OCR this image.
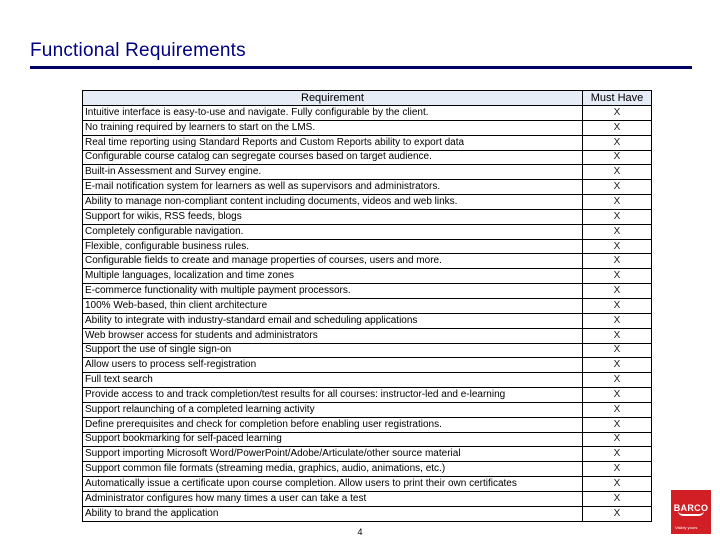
Functional Requirements
Requirement	Must Have
Intuitive interface is easy-to-use and navigate. Fully configurable by the client.	X
No training required by learners to start on the LMS.	X
Real time reporting using Standard Reports and Custom Reports ability to export data	X
Configurable course catalog can segregate courses based on target audience.	X
Built-in Assessment and Survey engine.	X
E-mail notification system for learners as well as supervisors and administrators.	X
Ability to manage non-compliant content including documents, videos and web links.	X
Support for wikis, RSS feeds, blogs	X
Completely configurable navigation.	X
Flexible, configurable business rules.	X
Configurable fields to create and manage properties of courses, users and more.	X
Multiple languages, localization and time zones	X
E-commerce functionality with multiple payment processors.	X
100% Web-based, thin client architecture	X
Ability to integrate with industry-standard email and scheduling applications	X
Web browser access for students and administrators	X
Support the use of single sign-on	X
Allow users to process self-registration	X
Full text search	X
Provide access to and track completion/test results for all courses: instructor-led and e-learning	X
Support relaunching of a completed learning activity	X
Define prerequisites and check for completion before enabling user registrations.	X
Support bookmarking for self-paced learning	X
Support importing Microsoft Word/PowerPoint/Adobe/Articulate/other source material	X
Support common file formats (streaming media, graphics, audio, animations, etc.)	X
Automatically issue a certificate upon course completion. Allow users to print their own certificates	X
Administrator configures how many times a user can take a test	X
Ability to brand the application	X
4
BARCO
Visibly yours
